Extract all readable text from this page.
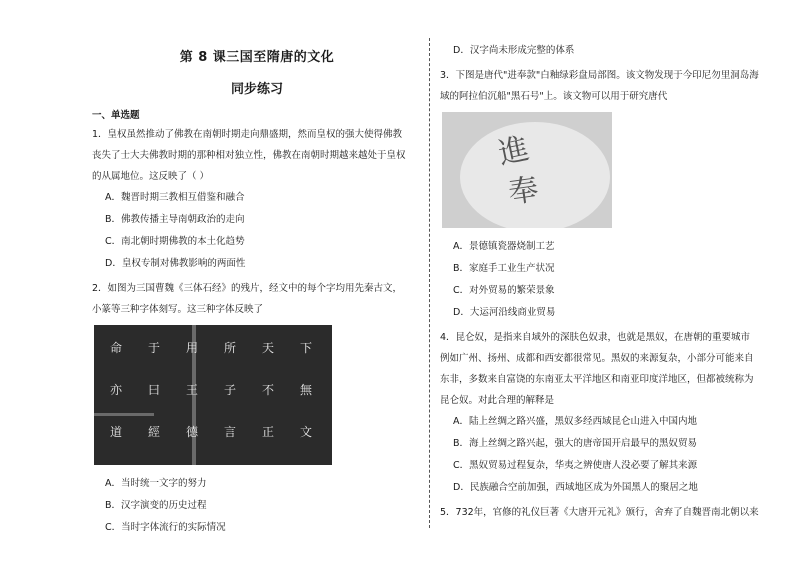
第 8 课三国至隋唐的文化
同步练习
一、单选题

1．皇权虽然推动了佛教在南朝时期走向鼎盛期，然而皇权的强大使得佛教

丧失了士大夫佛教时期的那种相对独立性，佛教在南朝时期越来越处于皇权

的从属地位。这反映了（ ）

A．魏晋时期三教相互借鉴和融合

B．佛教传播主导南朝政治的走向

C．南北朝时期佛教的本土化趋势

D．皇权专制对佛教影响的两面性

2．如图为三国曹魏《三体石经》的残片，经文中的每个字均用先秦古文，

小篆等三种字体刻写。这三种字体反映了

命 于 用 所 天 下
亦 曰 王 子 不 無
道 經 德 言 正 文

A．当时统一文字的努力

B．汉字演变的历史过程

C．当时字体流行的实际情况

D．汉字尚未形成完整的体系

3．下图是唐代"进奉款"白釉绿彩盘局部图。该文物发现于今印尼勿里洞岛海

域的阿拉伯沉船"黑石号"上。该文物可以用于研究唐代

進
奉

A．景德镇瓷器烧制工艺

B．家庭手工业生产状况

C．对外贸易的繁荣景象

D．大运河沿线商业贸易

4．昆仑奴，是指来自域外的深肤色奴隶，也就是黑奴，在唐朝的重要城市

例如广州、扬州、成都和西安都很常见。黑奴的来源复杂，小部分可能来自

东非，多数来自富饶的东南亚太平洋地区和南亚印度洋地区，但都被统称为

昆仑奴。对此合理的解释是

A．陆上丝绸之路兴盛，黑奴多经西域昆仑山进入中国内地

B．海上丝绸之路兴起，强大的唐帝国开启最早的黑奴贸易

C．黑奴贸易过程复杂，华夷之辨使唐人没必要了解其来源

D．民族融合空前加强，西域地区成为外国黑人的聚居之地

5．732年，官修的礼仪巨著《大唐开元礼》颁行，舍弃了自魏晋南北朝以来
